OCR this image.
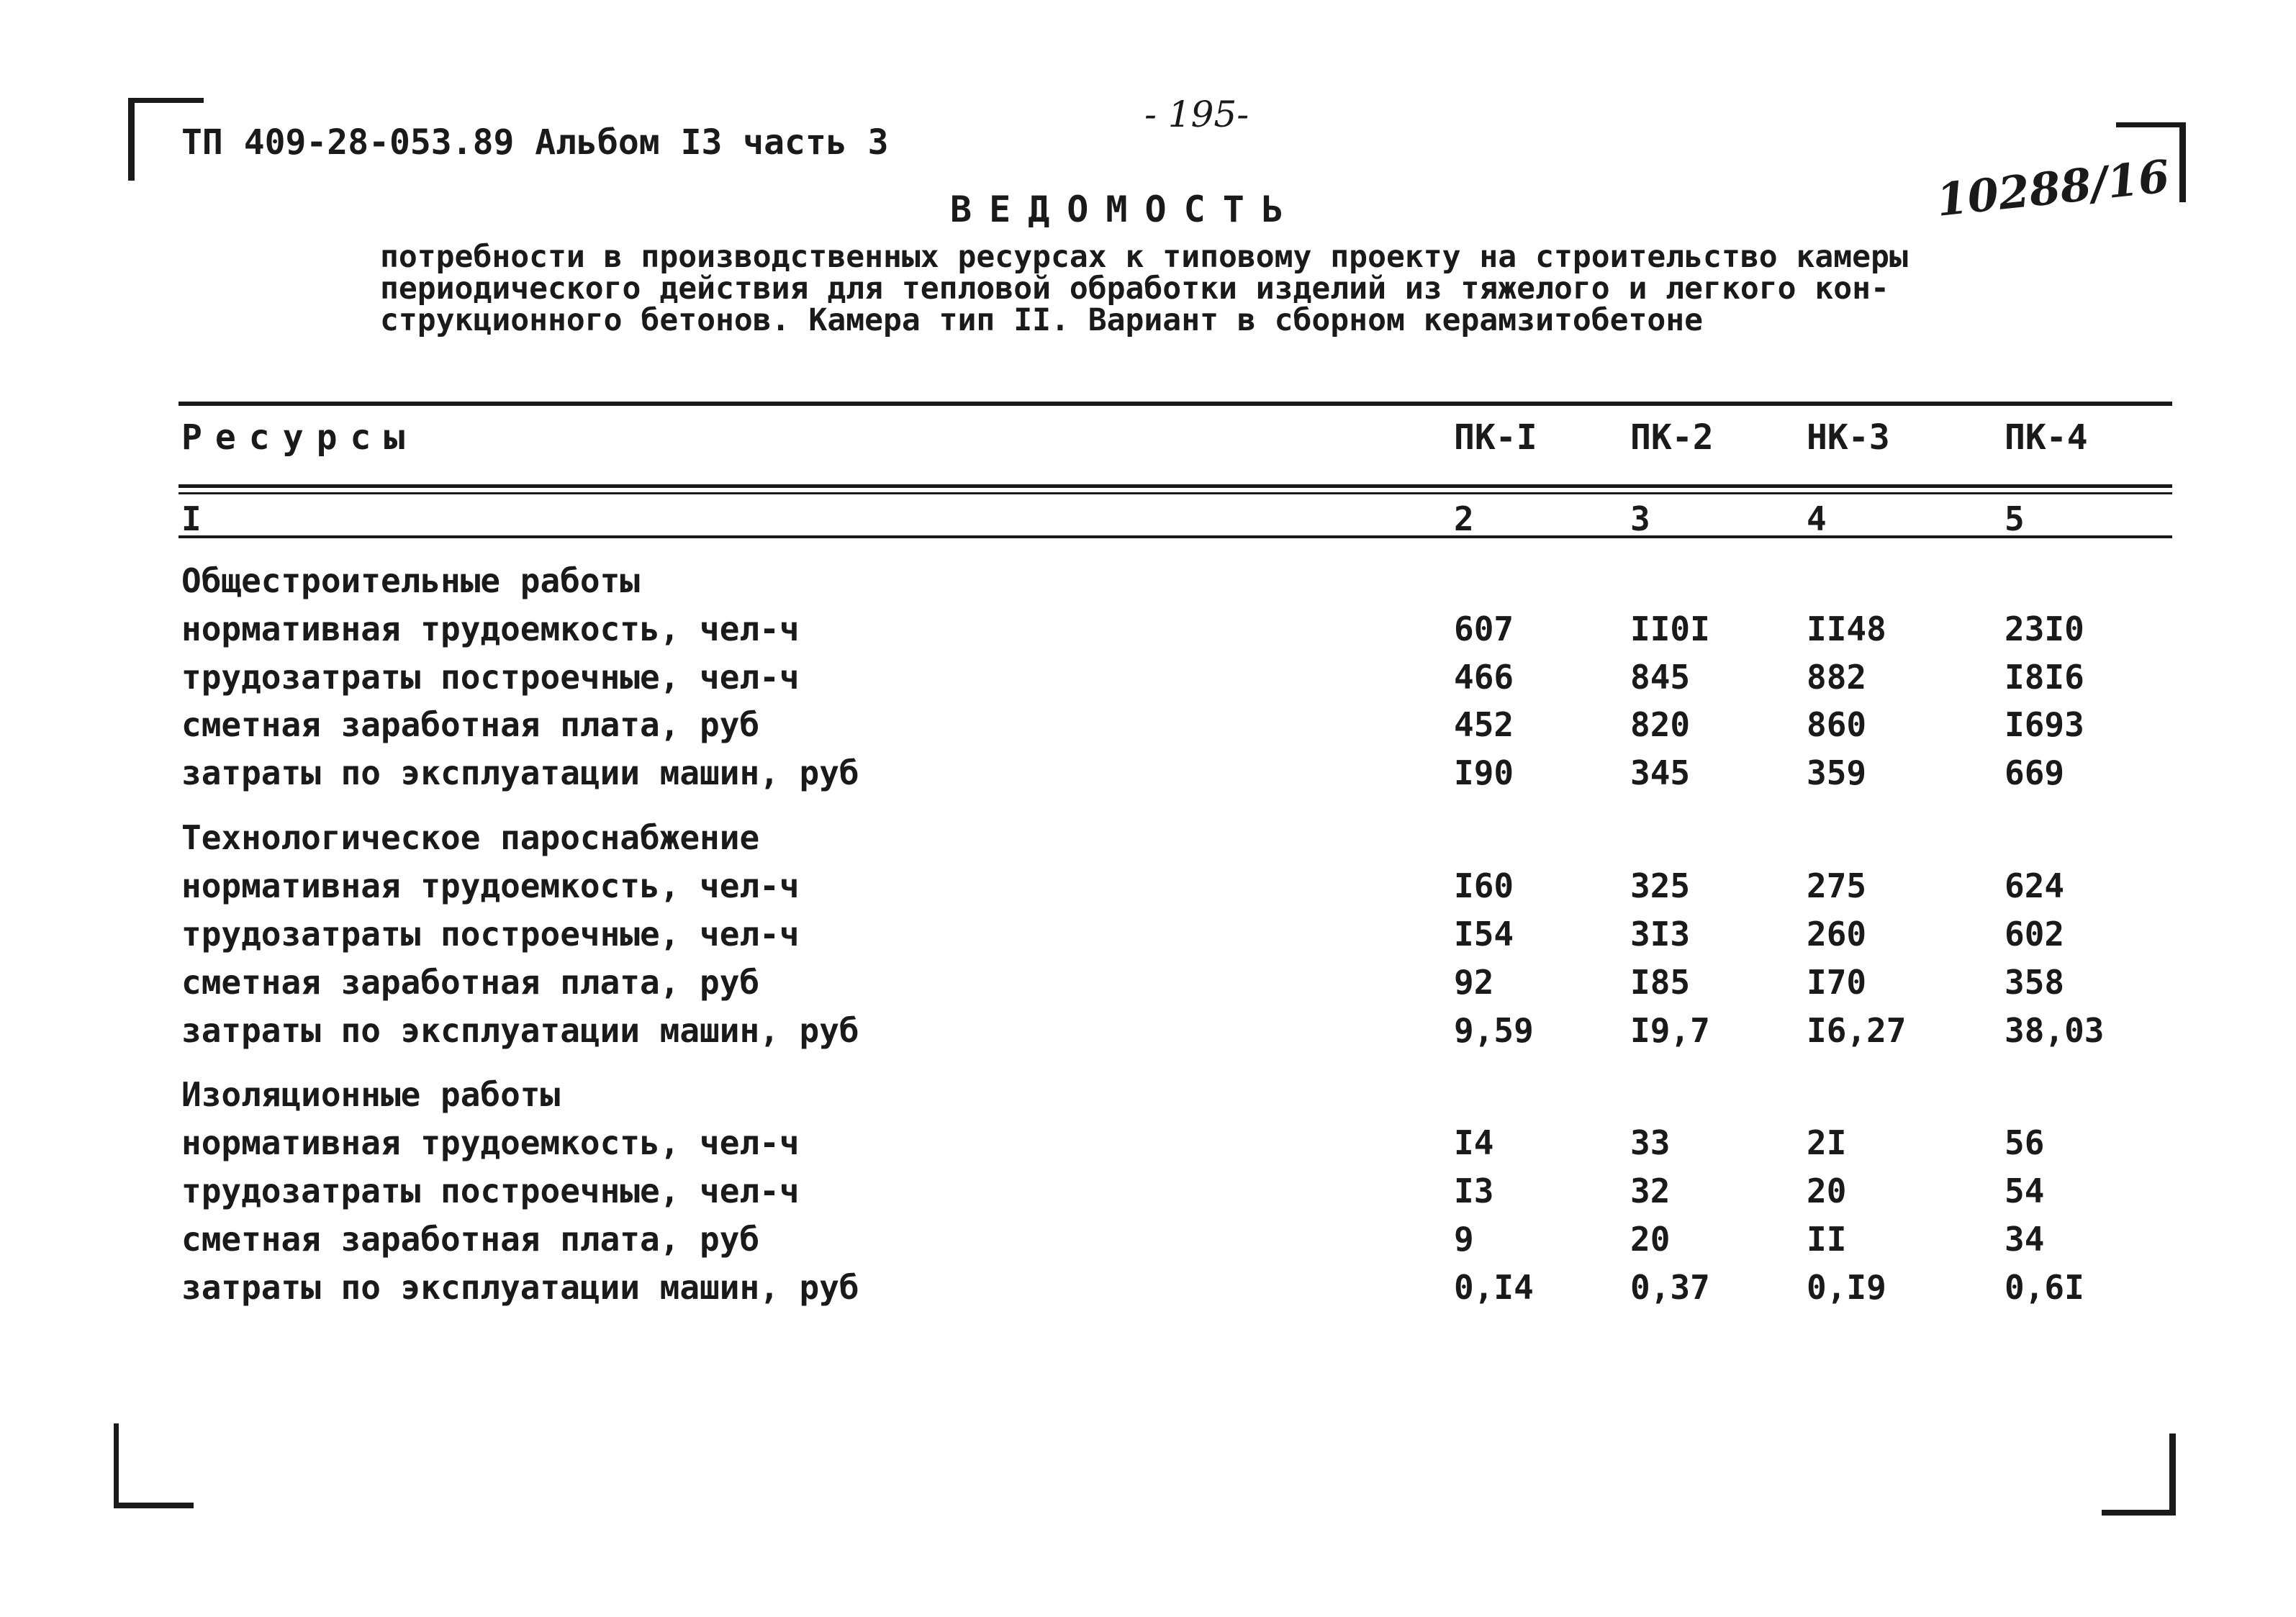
ТП 409-28-053.89 Альбом I3 часть 3
- 195-
10288/16
ВЕДОМОСТЬ

потребности в производственных ресурсах к типовому проекту на строительство камеры
периодического действия для тепловой обработки изделий из тяжелого и легкого кон-
струкционного бетонов. Камера тип II. Вариант в сборном керамзитобетоне

Ресурсы	ПК-I	ПК-2	НК-3	ПК-4
I	2	3	4	5
Общестроительные работы
нормативная трудоемкость, чел-ч	607	II0I	II48	23I0
трудозатраты построечные, чел-ч	466	845	882	I8I6
сметная заработная плата, руб	452	820	860	I693
затраты по эксплуатации машин, руб	I90	345	359	669
Технологическое пароснабжение
нормативная трудоемкость, чел-ч	I60	325	275	624
трудозатраты построечные, чел-ч	I54	3I3	260	602
сметная заработная плата, руб	92	I85	I70	358
затраты по эксплуатации машин, руб	9,59	I9,7	I6,27	38,03
Изоляционные работы
нормативная трудоемкость, чел-ч	I4	33	2I	56
трудозатраты построечные, чел-ч	I3	32	20	54
сметная заработная плата, руб	9	20	II	34
затраты по эксплуатации машин, руб	0,I4	0,37	0,I9	0,6I
